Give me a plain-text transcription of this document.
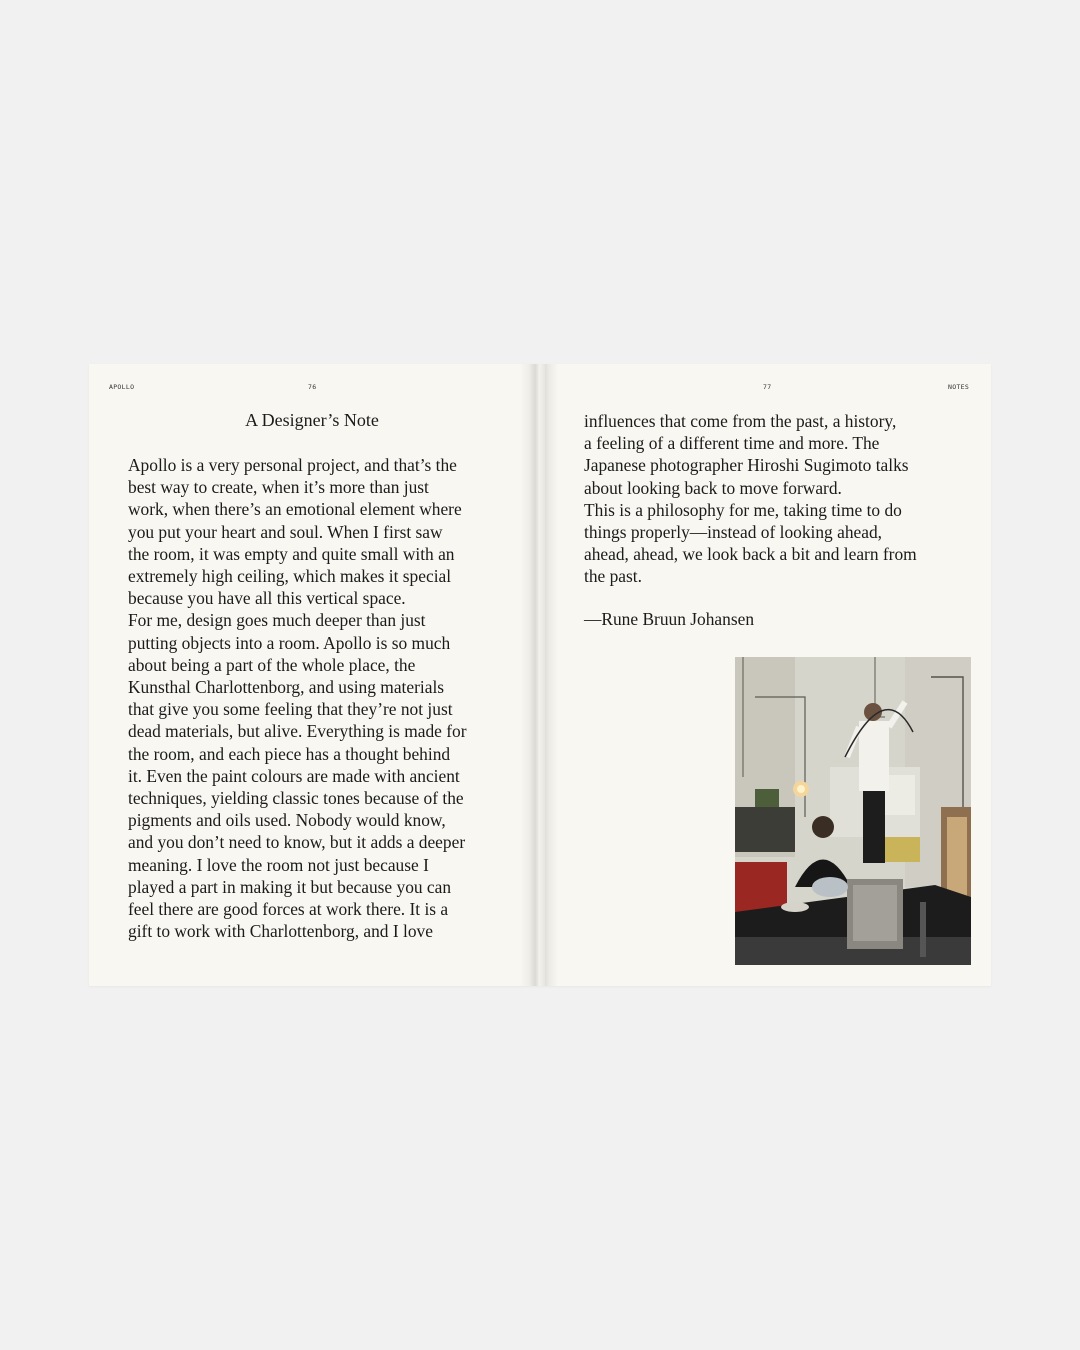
APOLLO	76
A Designer’s Note

Apollo is a very personal project, and that’s the
best way to create, when it’s more than just
work, when there’s an emotional element where
you put your heart and soul. When I first saw
the room, it was empty and quite small with an
extremely high ceiling, which makes it special
because you have all this vertical space.

For me, design goes much deeper than just
putting objects into a room. Apollo is so much
about being a part of the whole place, the
Kunsthal Charlottenborg, and using materials
that give you some feeling that they’re not just
dead materials, but alive. Everything is made for
the room, and each piece has a thought behind
it. Even the paint colours are made with ancient
techniques, yielding classic tones because of the
pigments and oils used. Nobody would know,
and you don’t need to know, but it adds a deeper
meaning. I love the room not just because I
played a part in making it but because you can
feel there are good forces at work there. It is a
gift to work with Charlottenborg, and I love

77	NOTES

influences that come from the past, a history,
a feeling of a different time and more. The
Japanese photographer Hiroshi Sugimoto talks
about looking back to move forward.

This is a philosophy for me, taking time to do
things properly—instead of looking ahead,
ahead, ahead, we look back a bit and learn from
the past.

—Rune Bruun Johansen
